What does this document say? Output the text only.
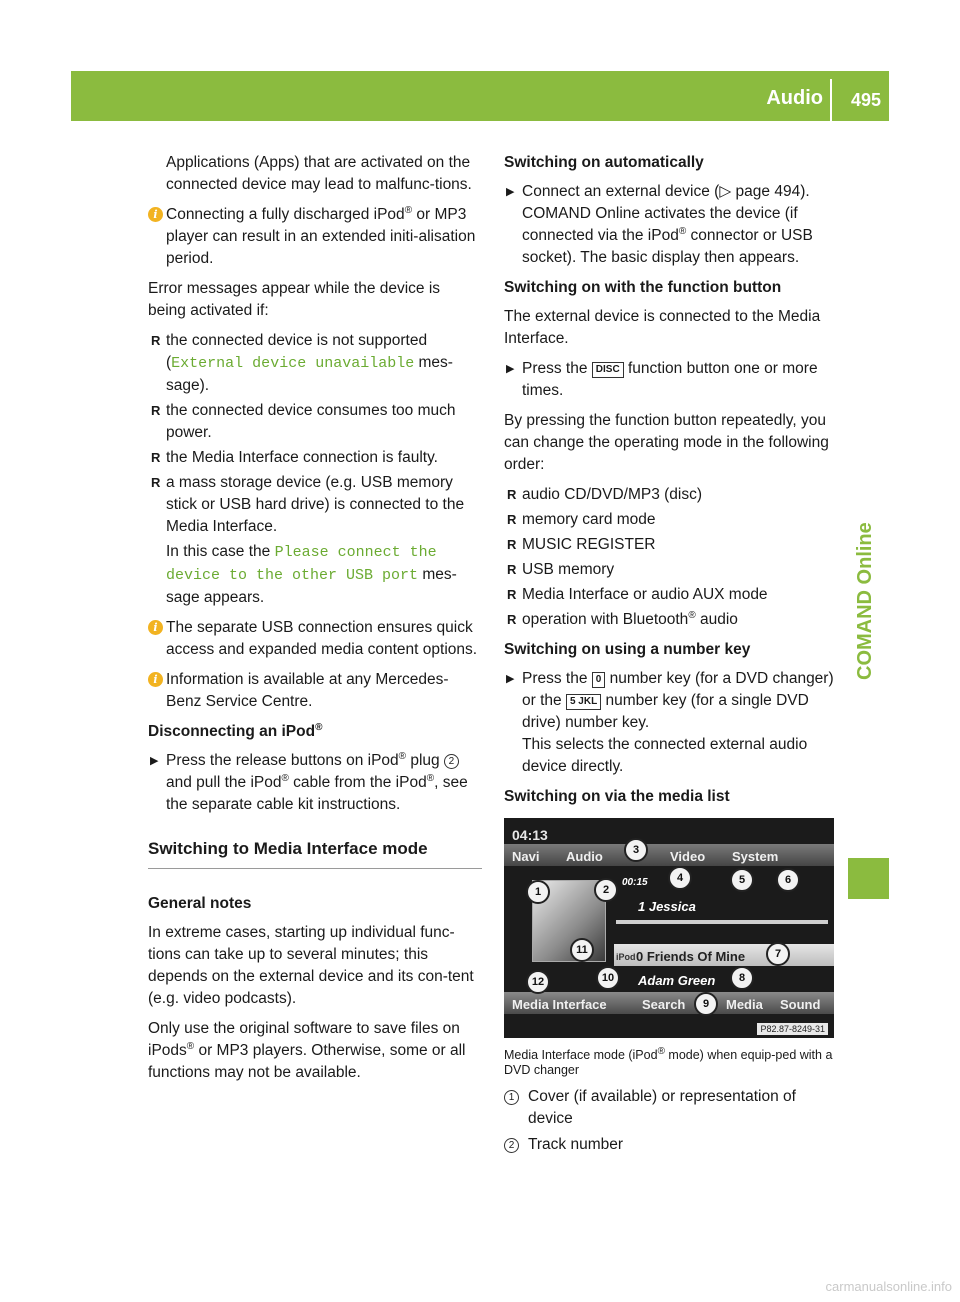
Audio 495
COMAND Online

Applications (Apps) that are activated on the connected device may lead to malfunc-tions.

i Connecting a fully discharged iPod® or MP3 player can result in an extended initi-alisation period.

Error messages appear while the device is being activated if:

R the connected device is not supported (External device unavailable mes-sage).
R the connected device consumes too much power.
R the Media Interface connection is faulty.
R a mass storage device (e.g. USB memory stick or USB hard drive) is connected to the Media Interface.
In this case the Please connect the device to the other USB port mes-sage appears.

i The separate USB connection ensures quick access and expanded media content options.

i Information is available at any Mercedes-Benz Service Centre.

Disconnecting an iPod®

▶ Press the release buttons on iPod® plug 2 and pull the iPod® cable from the iPod®, see the separate cable kit instructions.

Switching to Media Interface mode

General notes

In extreme cases, starting up individual func-tions can take up to several minutes; this depends on the external device and its con-tent (e.g. video podcasts).

Only use the original software to save files on iPods® or MP3 players. Otherwise, some or all functions may not be available.

Switching on automatically

▶ Connect an external device (▷ page 494).
COMAND Online activates the device (if connected via the iPod® connector or USB socket). The basic display then appears.

Switching on with the function button

The external device is connected to the Media Interface.

▶ Press the DISC function button one or more times.

By pressing the function button repeatedly, you can change the operating mode in the following order:

R audio CD/DVD/MP3 (disc)
R memory card mode
R MUSIC REGISTER
R USB memory
R Media Interface or audio AUX mode
R operation with Bluetooth® audio

Switching on using a number key

▶ Press the 0 number key (for a DVD changer) or the 5 JKL number key (for a single DVD drive) number key.
This selects the connected external audio device directly.

Switching on via the media list

04:13
Navi Audio	Video System
00:15
1 Jessica
iPod 0 Friends Of Mine
Adam Green
Media Interface	Search	Media Sound
P82.87-8249-31
1	2
3
4	5	6
7
8
9
10
11
12

Media Interface mode (iPod® mode) when equip-ped with a DVD changer

1 Cover (if available) or representation of device
2 Track number
carmanualsonline.info
